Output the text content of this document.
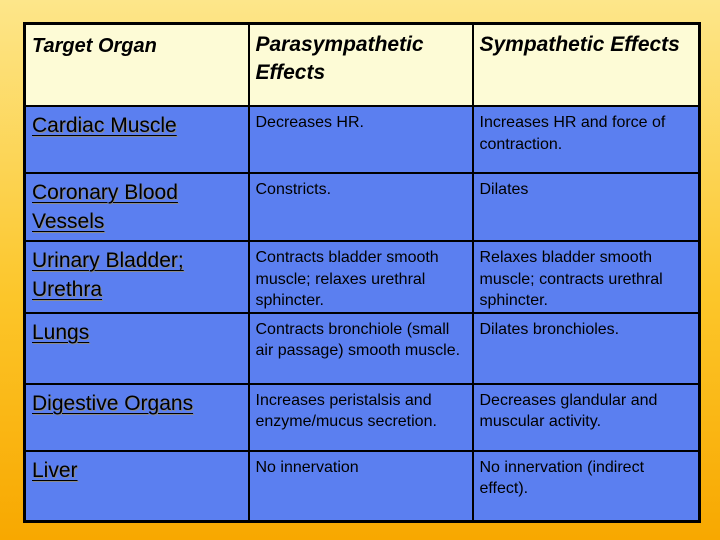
Target Organ	Parasympathetic Effects	Sympathetic Effects
Cardiac Muscle	Decreases HR.	Increases HR and force of contraction.
Coronary Blood Vessels	Constricts.	Dilates
Urinary Bladder; Urethra	Contracts bladder smooth muscle; relaxes urethral sphincter.	Relaxes bladder smooth muscle; contracts urethral sphincter.
Lungs	Contracts bronchiole (small air passage) smooth muscle.	Dilates bronchioles.
Digestive Organs	Increases peristalsis and enzyme/mucus secretion.	Decreases glandular and muscular activity.
Liver	No innervation	No innervation (indirect effect).
